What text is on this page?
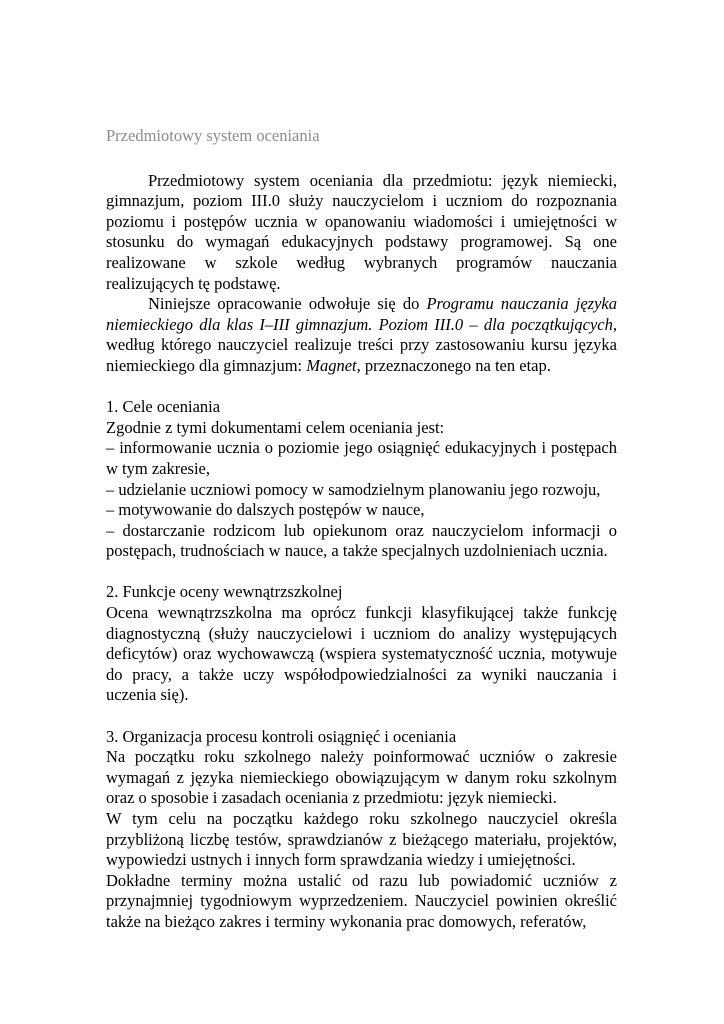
Przedmiotowy system oceniania

Przedmiotowy system oceniania dla przedmiotu: język niemiecki, gimnazjum, poziom III.0 służy nauczycielom i uczniom do rozpoznania poziomu i postępów ucznia w opanowaniu wiadomości i umiejętności w stosunku do wymagań edukacyjnych podstawy programowej. Są one realizowane w szkole według wybranych programów nauczania realizujących tę podstawę.

Niniejsze opracowanie odwołuje się do Programu nauczania języka niemieckiego dla klas I–III gimnazjum. Poziom III.0 – dla początkujących, według którego nauczyciel realizuje treści przy zastosowaniu kursu języka niemieckiego dla gimnazjum: Magnet, przeznaczonego na ten etap.

1. Cele oceniania

Zgodnie z tymi dokumentami celem oceniania jest:

– informowanie ucznia o poziomie jego osiągnięć edukacyjnych i postępach w tym zakresie,
– udzielanie uczniowi pomocy w samodzielnym planowaniu jego rozwoju,
– motywowanie do dalszych postępów w nauce,
– dostarczanie rodzicom lub opiekunom oraz nauczycielom informacji o postępach, trudnościach w nauce, a także specjalnych uzdolnieniach ucznia.
2. Funkcje oceny wewnątrzszkolnej

Ocena wewnątrzszkolna ma oprócz funkcji klasyfikującej także funkcję diagnostyczną (służy nauczycielowi i uczniom do analizy występujących deficytów) oraz wychowawczą (wspiera systematyczność ucznia, motywuje do pracy, a także uczy współodpowiedzialności za wyniki nauczania i uczenia się).

3. Organizacja procesu kontroli osiągnięć i oceniania

Na początku roku szkolnego należy poinformować uczniów o zakresie wymagań z języka niemieckiego obowiązującym w danym roku szkolnym oraz o sposobie i zasadach oceniania z przedmiotu: język niemiecki.

W tym celu na początku każdego roku szkolnego nauczyciel określa przybliżoną liczbę testów, sprawdzianów z bieżącego materiału, projektów, wypowiedzi ustnych i innych form sprawdzania wiedzy i umiejętności.

Dokładne terminy można ustalić od razu lub powiadomić uczniów z przynajmniej tygodniowym wyprzedzeniem. Nauczyciel powinien określić także na bieżąco zakres i terminy wykonania prac domowych, referatów,
